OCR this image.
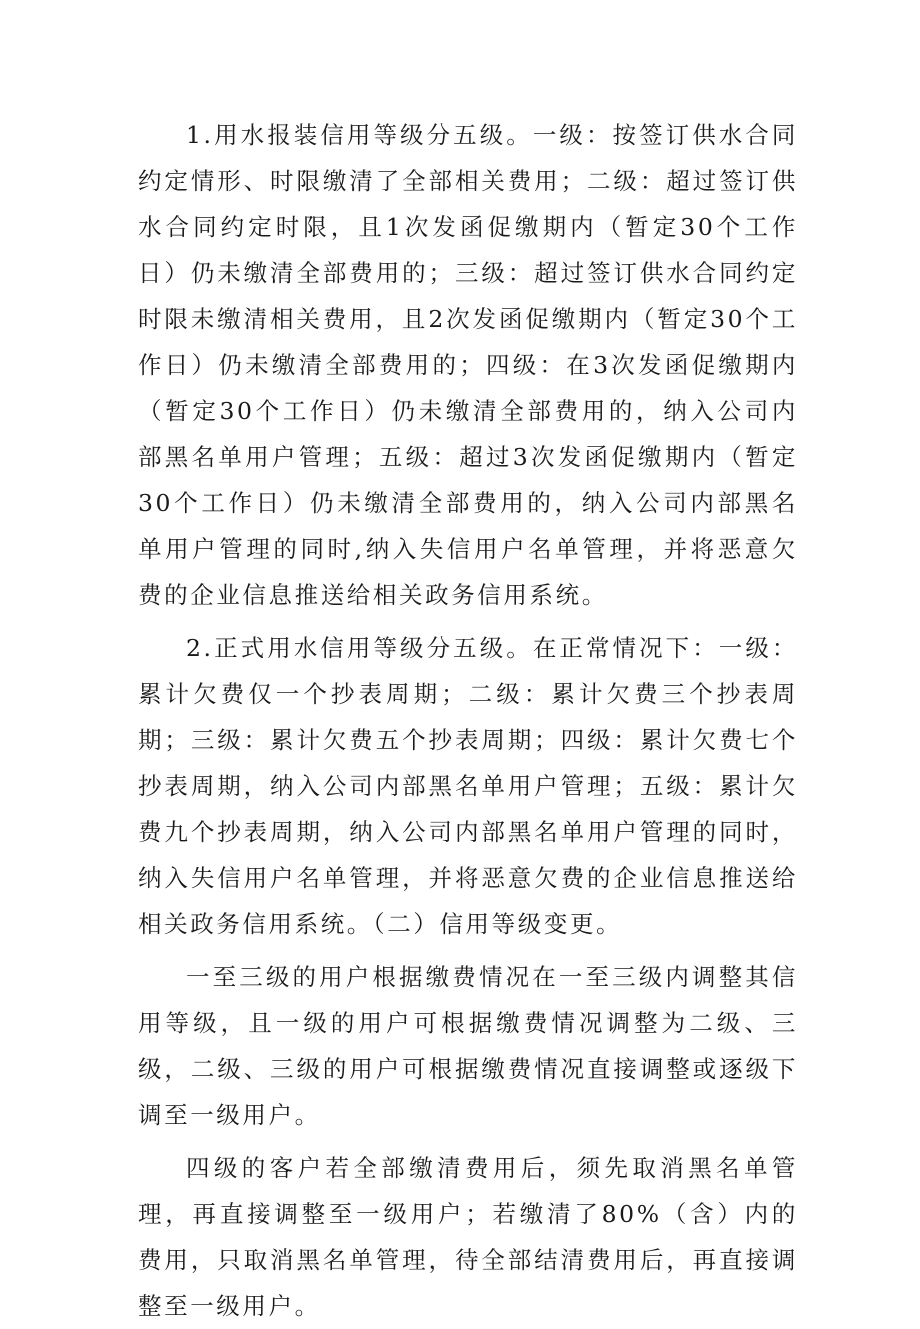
1.用水报装信用等级分五级。一级：按签订供水合同约定情形、时限缴清了全部相关费用；二级：超过签订供水合同约定时限，且1次发函促缴期内（暂定30个工作日）仍未缴清全部费用的；三级：超过签订供水合同约定时限未缴清相关费用，且2次发函促缴期内（暂定30个工作日）仍未缴清全部费用的；四级：在3次发函促缴期内（暂定30个工作日）仍未缴清全部费用的，纳入公司内部黑名单用户管理；五级：超过3次发函促缴期内（暂定30个工作日）仍未缴清全部费用的，纳入公司内部黑名单用户管理的同时,纳入失信用户名单管理，并将恶意欠费的企业信息推送给相关政务信用系统。

2.正式用水信用等级分五级。在正常情况下：一级：累计欠费仅一个抄表周期；二级：累计欠费三个抄表周期；三级：累计欠费五个抄表周期；四级：累计欠费七个抄表周期，纳入公司内部黑名单用户管理；五级：累计欠费九个抄表周期，纳入公司内部黑名单用户管理的同时，纳入失信用户名单管理，并将恶意欠费的企业信息推送给相关政务信用系统。（二）信用等级变更。

一至三级的用户根据缴费情况在一至三级内调整其信用等级，且一级的用户可根据缴费情况调整为二级、三级，二级、三级的用户可根据缴费情况直接调整或逐级下调至一级用户。

四级的客户若全部缴清费用后，须先取消黑名单管理，再直接调整至一级用户；若缴清了80%（含）内的费用，只取消黑名单管理，待全部结清费用后，再直接调整至一级用户。
